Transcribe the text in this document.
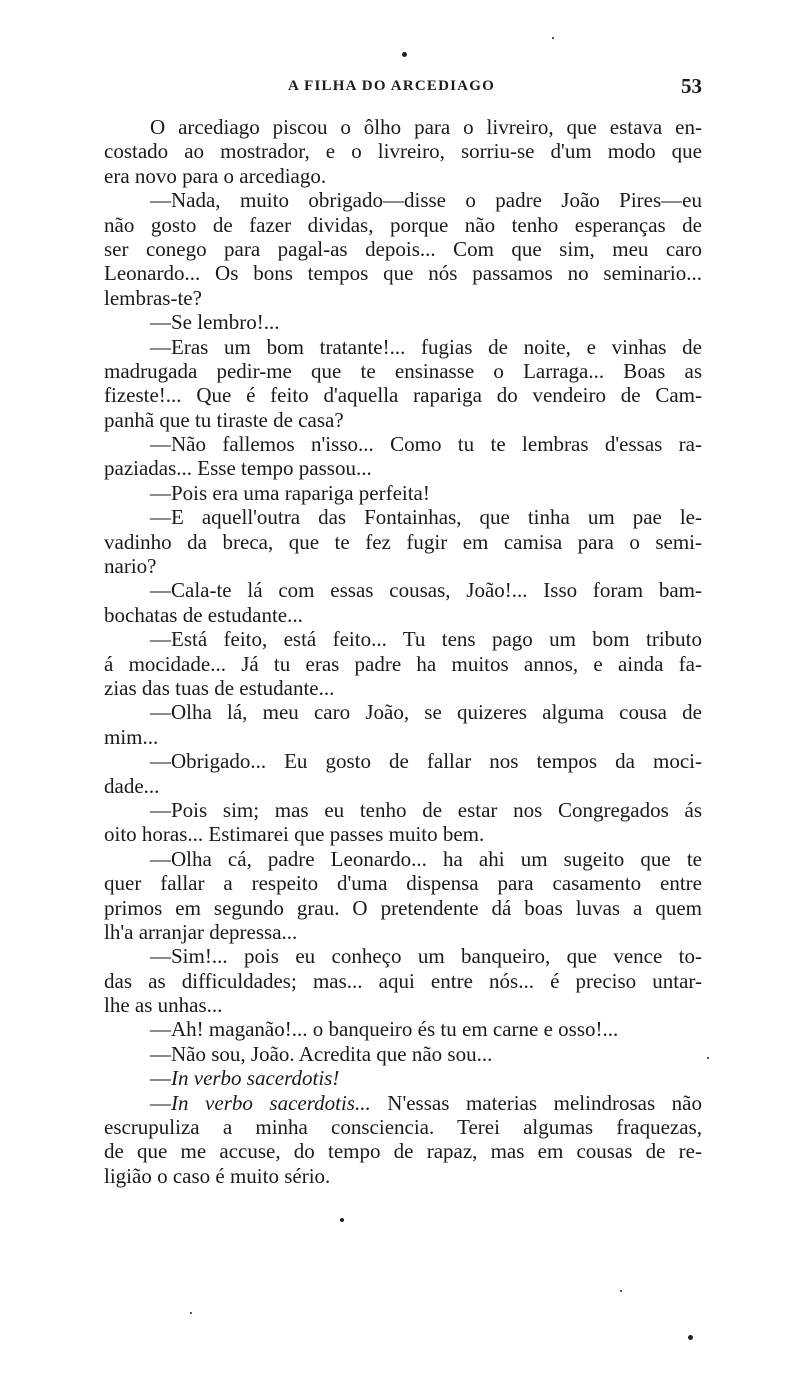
A FILHA DO ARCEDIAGO	53
O arcediago piscou o ôlho para o livreiro, que estava en-
costado ao mostrador, e o livreiro, sorriu-se d'um modo que
era novo para o arcediago.
—Nada, muito obrigado—disse o padre João Pires—eu
não gosto de fazer dividas, porque não tenho esperanças de
ser conego para pagal-as depois... Com que sim, meu caro
Leonardo... Os bons tempos que nós passamos no seminario...
lembras-te?
—Se lembro!...
—Eras um bom tratante!... fugias de noite, e vinhas de
madrugada pedir-me que te ensinasse o Larraga... Boas as
fizeste!... Que é feito d'aquella rapariga do vendeiro de Cam-
panhã que tu tiraste de casa?
—Não fallemos n'isso... Como tu te lembras d'essas ra-
paziadas... Esse tempo passou...
—Pois era uma rapariga perfeita!
—E aquell'outra das Fontainhas, que tinha um pae le-
vadinho da breca, que te fez fugir em camisa para o semi-
nario?
—Cala-te lá com essas cousas, João!... Isso foram bam-
bochatas de estudante...
—Está feito, está feito... Tu tens pago um bom tributo
á mocidade... Já tu eras padre ha muitos annos, e ainda fa-
zias das tuas de estudante...
—Olha lá, meu caro João, se quizeres alguma cousa de
mim...
—Obrigado... Eu gosto de fallar nos tempos da moci-
dade...
—Pois sim; mas eu tenho de estar nos Congregados ás
oito horas... Estimarei que passes muito bem.
—Olha cá, padre Leonardo... ha ahi um sugeito que te
quer fallar a respeito d'uma dispensa para casamento entre
primos em segundo grau. O pretendente dá boas luvas a quem
lh'a arranjar depressa...
—Sim!... pois eu conheço um banqueiro, que vence to-
das as difficuldades; mas... aqui entre nós... é preciso untar-
lhe as unhas...
—Ah! maganão!... o banqueiro és tu em carne e osso!...
—Não sou, João. Acredita que não sou...
—In verbo sacerdotis!
—In verbo sacerdotis... N'essas materias melindrosas não
escrupuliza a minha consciencia. Terei algumas fraquezas,
de que me accuse, do tempo de rapaz, mas em cousas de re-
ligião o caso é muito sério.
